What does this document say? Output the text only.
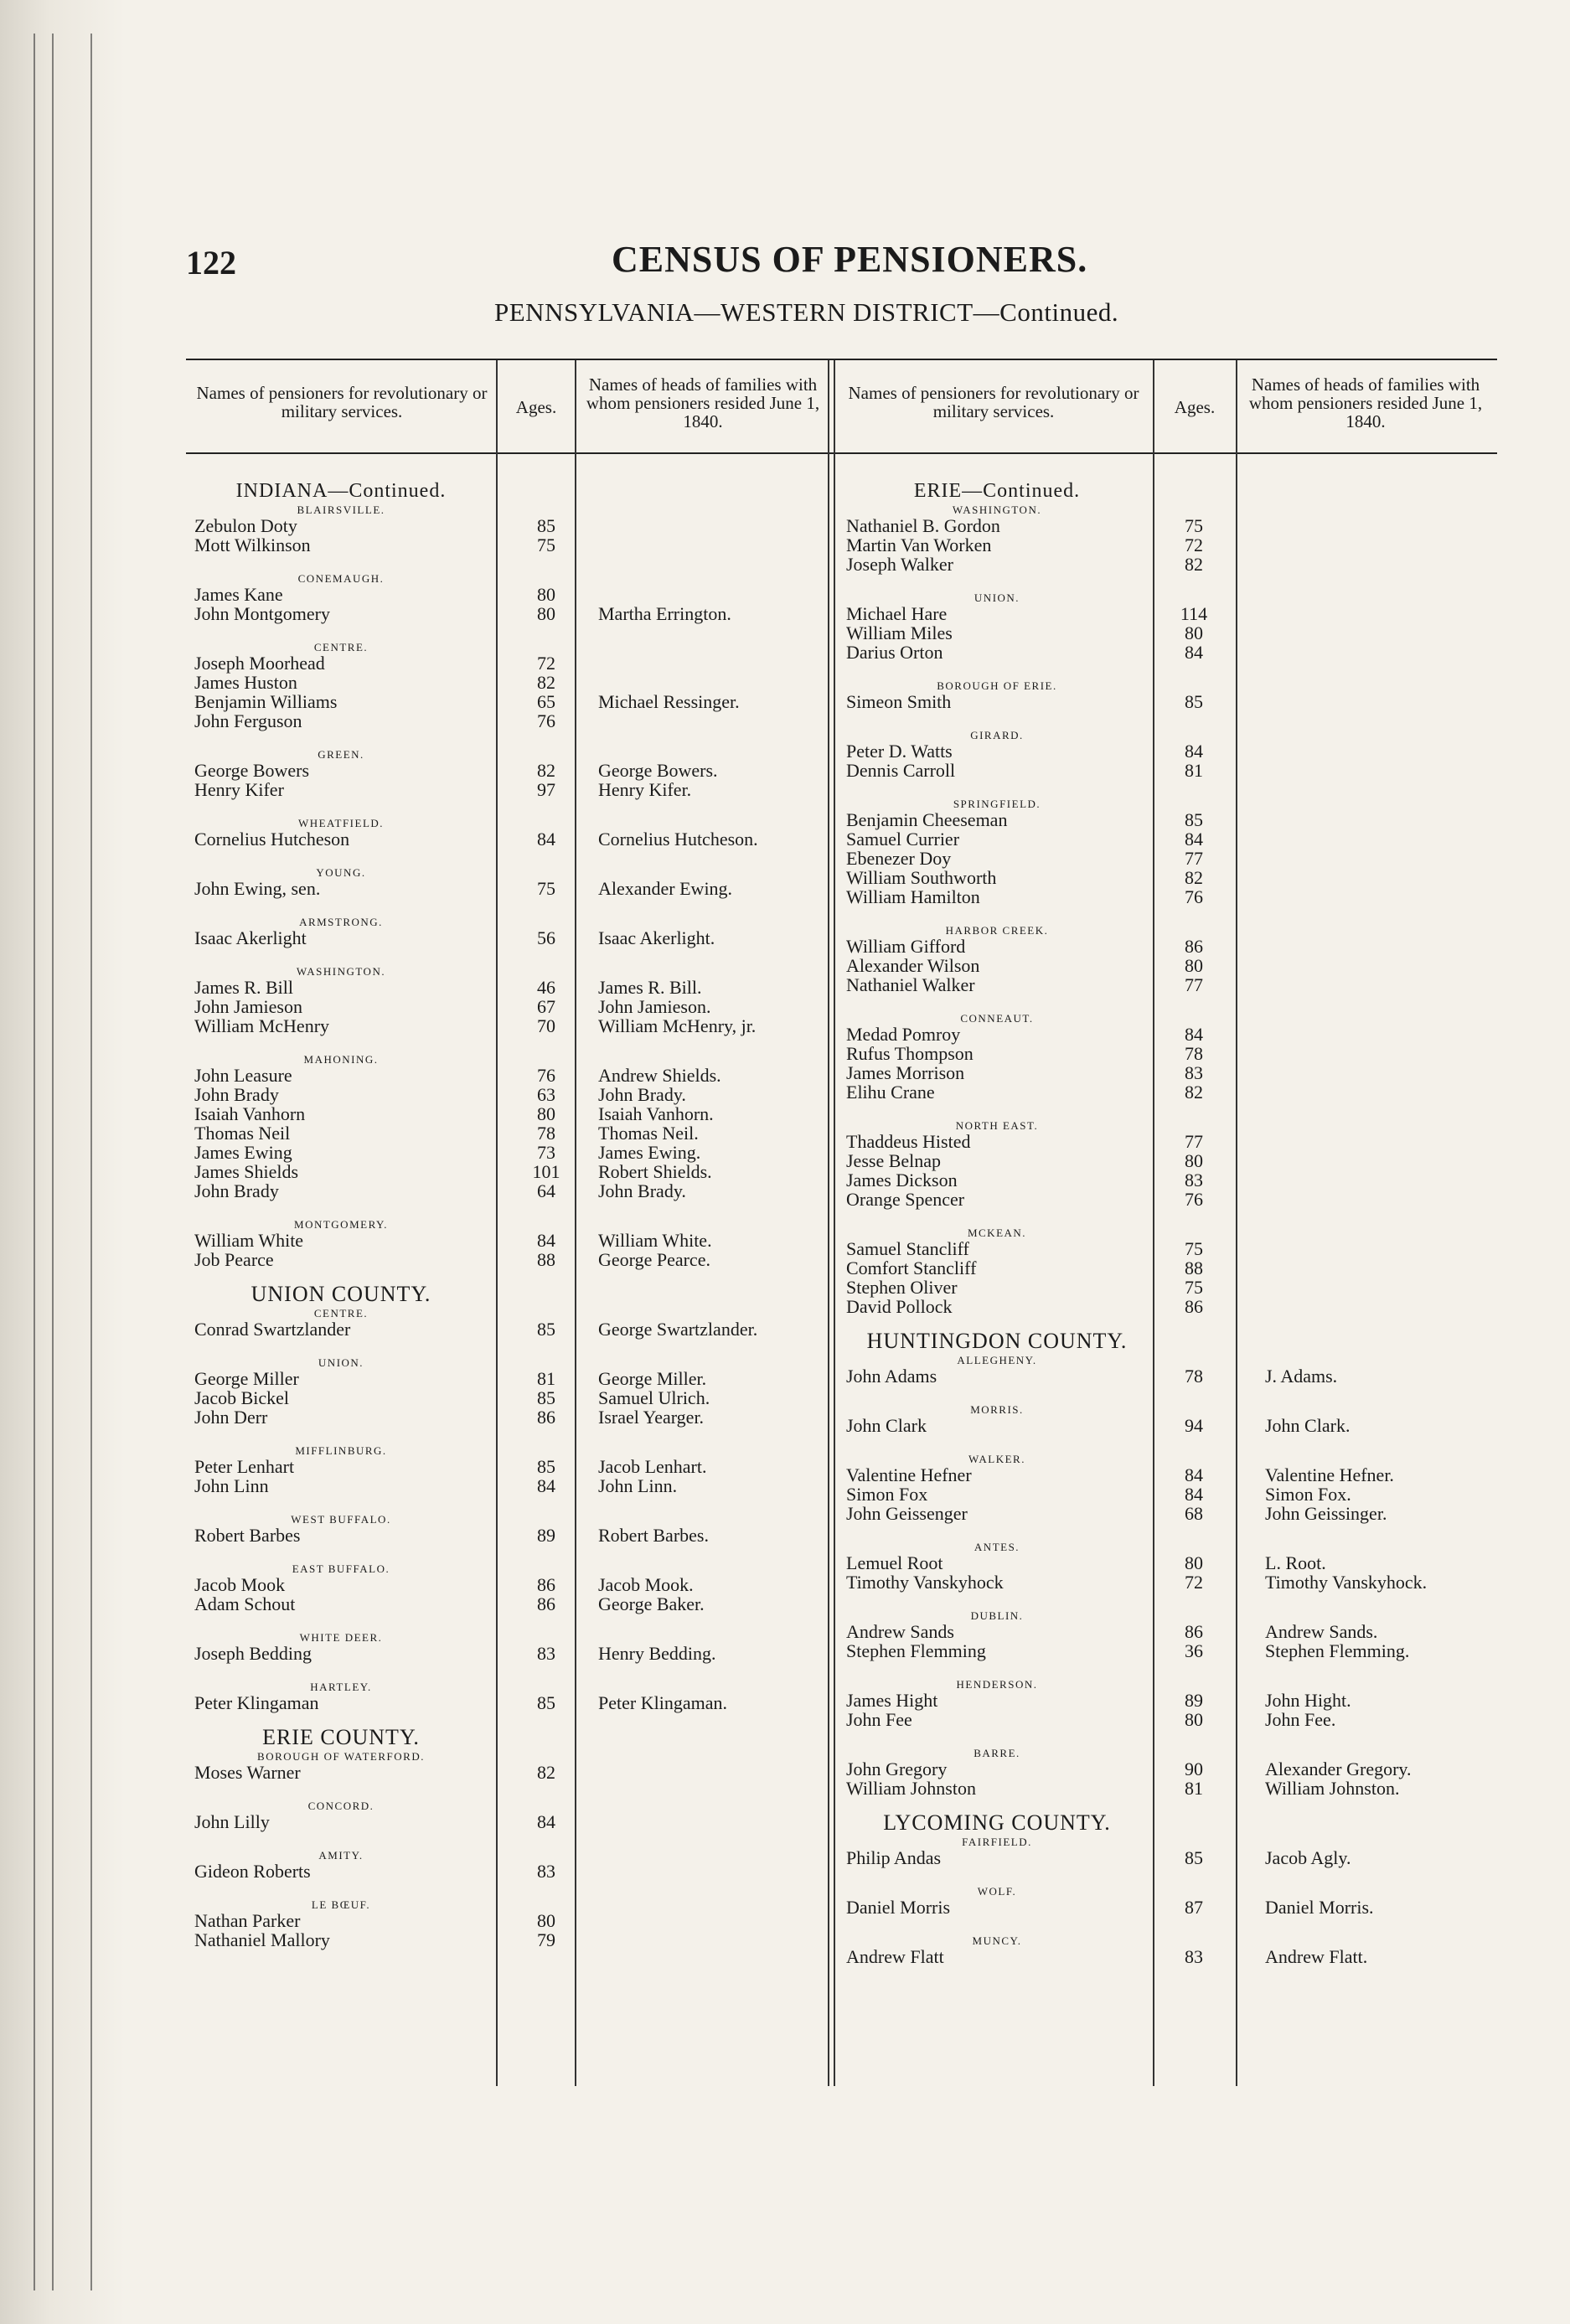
122	CENSUS OF PENSIONERS.
PENNSYLVANIA—WESTERN DISTRICT—Continued.
Names of pensioners for revolutionary or military services.	Ages.
Names of heads of families with whom pensioners resided June 1, 1840.
Names of pensioners for revolutionary or military services.	Ages.
Names of heads of families with whom pensioners resided June 1, 1840.
INDIANA—Continued.
BLAIRSVILLE.
Zebulon Doty	85
Mott Wilkinson	75
CONEMAUGH.
James Kane	80
John Montgomery	80	Martha Errington.
CENTRE.
Joseph Moorhead	72
James Huston	82
Benjamin Williams	65	Michael Ressinger.
John Ferguson	76
GREEN.
George Bowers	82	George Bowers.
Henry Kifer	97	Henry Kifer.
WHEATFIELD.
Cornelius Hutcheson	84	Cornelius Hutcheson.
YOUNG.
John Ewing, sen.	75	Alexander Ewing.
ARMSTRONG.
Isaac Akerlight	56	Isaac Akerlight.
WASHINGTON.
James R. Bill	46	James R. Bill.
John Jamieson	67	John Jamieson.
William McHenry	70	William McHenry, jr.
MAHONING.
John Leasure	76	Andrew Shields.
John Brady	63	John Brady.
Isaiah Vanhorn	80	Isaiah Vanhorn.
Thomas Neil	78	Thomas Neil.
James Ewing	73	James Ewing.
James Shields	101	Robert Shields.
John Brady	64	John Brady.
MONTGOMERY.
William White	84	William White.
Job Pearce	88	George Pearce.
UNION COUNTY.
CENTRE.
Conrad Swartzlander	85	George Swartzlander.
UNION.
George Miller	81	George Miller.
Jacob Bickel	85	Samuel Ulrich.
John Derr	86	Israel Yearger.
MIFFLINBURG.
Peter Lenhart	85	Jacob Lenhart.
John Linn	84	John Linn.
WEST BUFFALO.
Robert Barbes	89	Robert Barbes.
EAST BUFFALO.
Jacob Mook	86	Jacob Mook.
Adam Schout	86	George Baker.
WHITE DEER.
Joseph Bedding	83	Henry Bedding.
HARTLEY.
Peter Klingaman	85	Peter Klingaman.
ERIE COUNTY.
BOROUGH OF WATERFORD.
Moses Warner	82
CONCORD.
John Lilly	84
AMITY.
Gideon Roberts	83
LE BŒUF.
Nathan Parker	80
Nathaniel Mallory	79
ERIE—Continued.
WASHINGTON.
Nathaniel B. Gordon	75
Martin Van Worken	72
Joseph Walker	82
UNION.
Michael Hare	114
William Miles	80
Darius Orton	84
BOROUGH OF ERIE.
Simeon Smith	85
GIRARD.
Peter D. Watts	84
Dennis Carroll	81
SPRINGFIELD.
Benjamin Cheeseman	85
Samuel Currier	84
Ebenezer Doy	77
William Southworth	82
William Hamilton	76
HARBOR CREEK.
William Gifford	86
Alexander Wilson	80
Nathaniel Walker	77
CONNEAUT.
Medad Pomroy	84
Rufus Thompson	78
James Morrison	83
Elihu Crane	82
NORTH EAST.
Thaddeus Histed	77
Jesse Belnap	80
James Dickson	83
Orange Spencer	76
MCKEAN.
Samuel Stancliff	75
Comfort Stancliff	88
Stephen Oliver	75
David Pollock	86
HUNTINGDON COUNTY.
ALLEGHENY.
John Adams	78	J. Adams.
MORRIS.
John Clark	94	John Clark.
WALKER.
Valentine Hefner	84	Valentine Hefner.
Simon Fox	84	Simon Fox.
John Geissenger	68	John Geissinger.
ANTES.
Lemuel Root	80	L. Root.
Timothy Vanskyhock	72	Timothy Vanskyhock.
DUBLIN.
Andrew Sands	86	Andrew Sands.
Stephen Flemming	36	Stephen Flemming.
HENDERSON.
James Hight	89	John Hight.
John Fee	80	John Fee.
BARRE.
John Gregory	90	Alexander Gregory.
William Johnston	81	William Johnston.
LYCOMING COUNTY.
FAIRFIELD.
Philip Andas	85	Jacob Agly.
WOLF.
Daniel Morris	87	Daniel Morris.
MUNCY.
Andrew Flatt	83	Andrew Flatt.
